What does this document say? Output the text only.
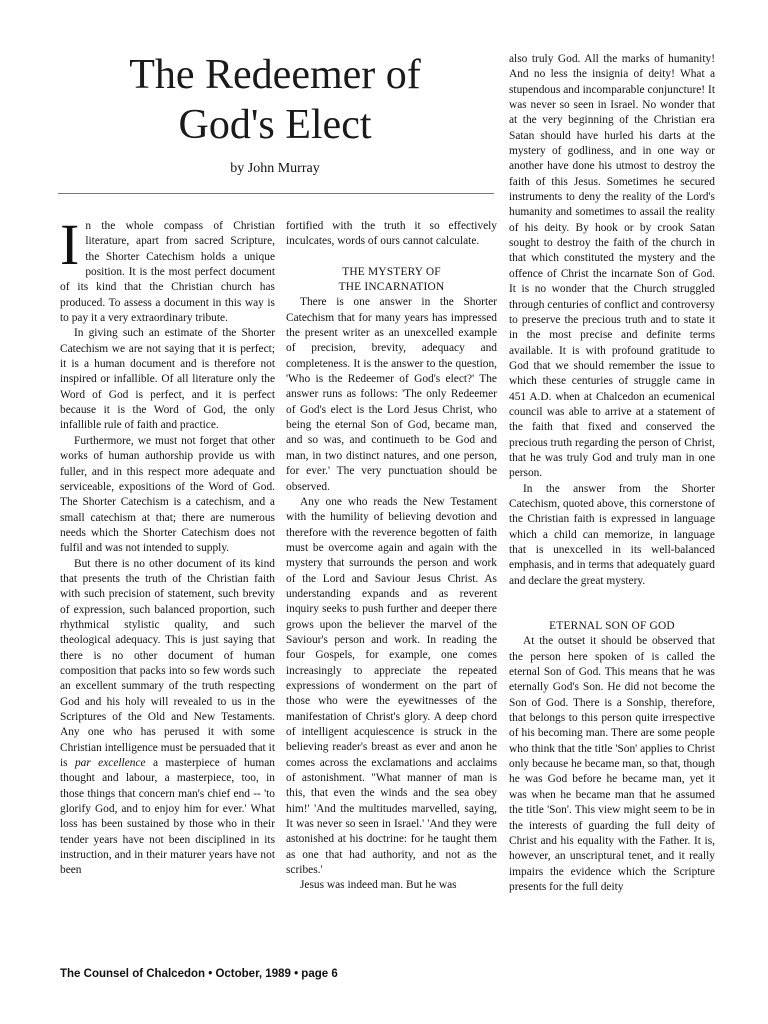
The Redeemer of
God's Elect
by John Murray

In the whole compass of Christian literature, apart from sacred Scripture, the Shorter Catechism holds a unique position. It is the most perfect document of its kind that the Christian church has produced. To assess a document in this way is to pay it a very extraordinary tribute.

In giving such an estimate of the Shorter Catechism we are not saying that it is perfect; it is a human document and is therefore not inspired or infallible. Of all literature only the Word of God is perfect, and it is perfect because it is the Word of God, the only infallible rule of faith and practice.

Furthermore, we must not forget that other works of human authorship provide us with fuller, and in this respect more adequate and serviceable, expositions of the Word of God. The Shorter Catechism is a catechism, and a small catechism at that; there are numerous needs which the Shorter Catechism does not fulfil and was not intended to supply.

But there is no other document of its kind that presents the truth of the Christian faith with such precision of statement, such brevity of expression, such balanced proportion, such rhythmical stylistic quality, and such theological adequacy. This is just saying that there is no other document of human composition that packs into so few words such an excellent summary of the truth respecting God and his holy will revealed to us in the Scriptures of the Old and New Testaments. Any one who has perused it with some Christian intelligence must be persuaded that it is par excellence a masterpiece of human thought and labour, a masterpiece, too, in those things that concern man's chief end -- 'to glorify God, and to enjoy him for ever.' What loss has been sustained by those who in their tender years have not been disciplined in its instruction, and in their maturer years have not been

fortified with the truth it so effectively inculcates, words of ours cannot calculate.

THE MYSTERY OF
THE INCARNATION

There is one answer in the Shorter Catechism that for many years has impressed the present writer as an unexcelled example of precision, brevity, adequacy and completeness. It is the answer to the question, 'Who is the Redeemer of God's elect?' The answer runs as follows: 'The only Redeemer of God's elect is the Lord Jesus Christ, who being the eternal Son of God, became man, and so was, and continueth to be God and man, in two distinct natures, and one person, for ever.' The very punctuation should be observed.

Any one who reads the New Testament with the humility of believing devotion and therefore with the reverence begotten of faith must be overcome again and again with the mystery that surrounds the person and work of the Lord and Saviour Jesus Christ. As understanding expands and as reverent inquiry seeks to push further and deeper there grows upon the believer the marvel of the Saviour's person and work. In reading the four Gospels, for example, one comes increasingly to appreciate the repeated expressions of wonderment on the part of those who were the eyewitnesses of the manifestation of Christ's glory. A deep chord of intelligent acquiescence is struck in the believing reader's breast as ever and anon he comes across the exclamations and acclaims of astonishment. "What manner of man is this, that even the winds and the sea obey him!' 'And the multitudes marvelled, saying, It was never so seen in Israel.' 'And they were astonished at his doctrine: for he taught them as one that had authority, and not as the scribes.'

Jesus was indeed man. But he was

also truly God. All the marks of humanity! And no less the insignia of deity! What a stupendous and incomparable conjuncture! It was never so seen in Israel. No wonder that at the very beginning of the Christian era Satan should have hurled his darts at the mystery of godliness, and in one way or another have done his utmost to destroy the faith of this Jesus. Sometimes he secured instruments to deny the reality of the Lord's humanity and sometimes to assail the reality of his deity. By hook or by crook Satan sought to destroy the faith of the church in that which constituted the mystery and the offence of Christ the incarnate Son of God. It is no wonder that the Church struggled through centuries of conflict and controversy to preserve the precious truth and to state it in the most precise and definite terms available. It is with profound gratitude to God that we should remember the issue to which these centuries of struggle came in 451 A.D. when at Chalcedon an ecumenical council was able to arrive at a statement of the faith that fixed and conserved the precious truth regarding the person of Christ, that he was truly God and truly man in one person.

In the answer from the Shorter Catechism, quoted above, this cornerstone of the Christian faith is expressed in language which a child can memorize, in language that is unexcelled in its well-balanced emphasis, and in terms that adequately guard and declare the great mystery.

ETERNAL SON OF GOD

At the outset it should be observed that the person here spoken of is called the eternal Son of God. This means that he was eternally God's Son. He did not become the Son of God. There is a Sonship, therefore, that belongs to this person quite irrespective of his becoming man. There are some people who think that the title 'Son' applies to Christ only because he became man, so that, though he was God before he became man, yet it was when he became man that he assumed the title 'Son'. This view might seem to be in the interests of guarding the full deity of Christ and his equality with the Father. It is, however, an unscriptural tenet, and it really impairs the evidence which the Scripture presents for the full deity

The Counsel of Chalcedon • October, 1989 • page 6
